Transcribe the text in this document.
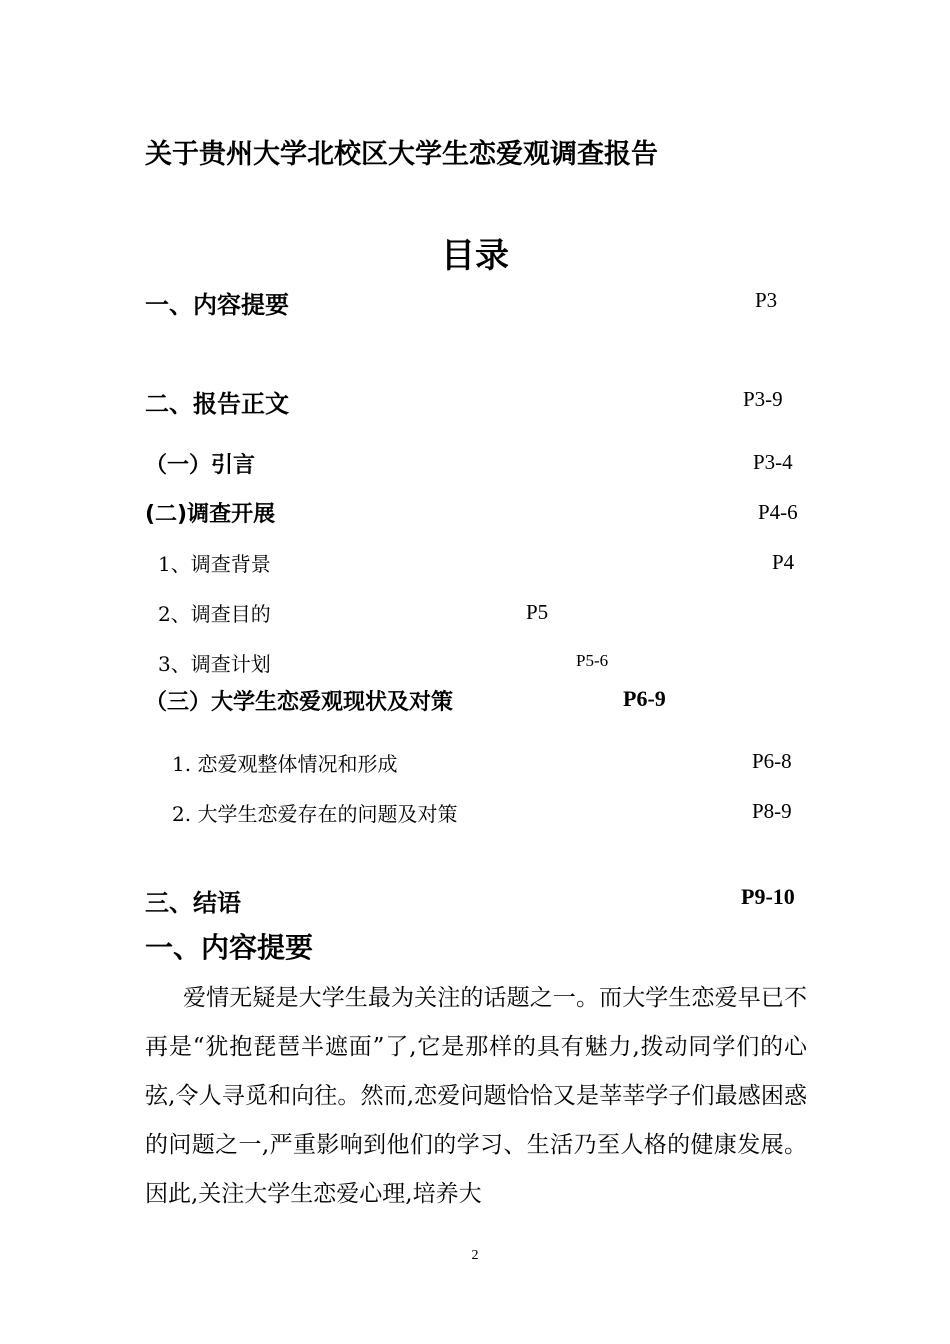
关于贵州大学北校区大学生恋爱观调查报告
目录
一、内容提要	P3
二、报告正文	P3-9
（一）引言	P3-4
(二)调查开展	P4-6
1、调查背景	P4
2、调查目的	P5
3、调查计划	P5-6
（三）大学生恋爱观现状及对策	P6-9
1. 恋爱观整体情况和形成	P6-8
2. 大学生恋爱存在的问题及对策	P8-9
三、结语	P9-10
一、内容提要
爱情无疑是大学生最为关注的话题之一。而大学生恋爱早已不再是“犹抱琵琶半遮面”了,它是那样的具有魅力,拨动同学们的心弦,令人寻觅和向往。然而,恋爱问题恰恰又是莘莘学子们最感困惑的问题之一,严重影响到他们的学习、生活乃至人格的健康发展。因此,关注大学生恋爱心理,培养大
2
